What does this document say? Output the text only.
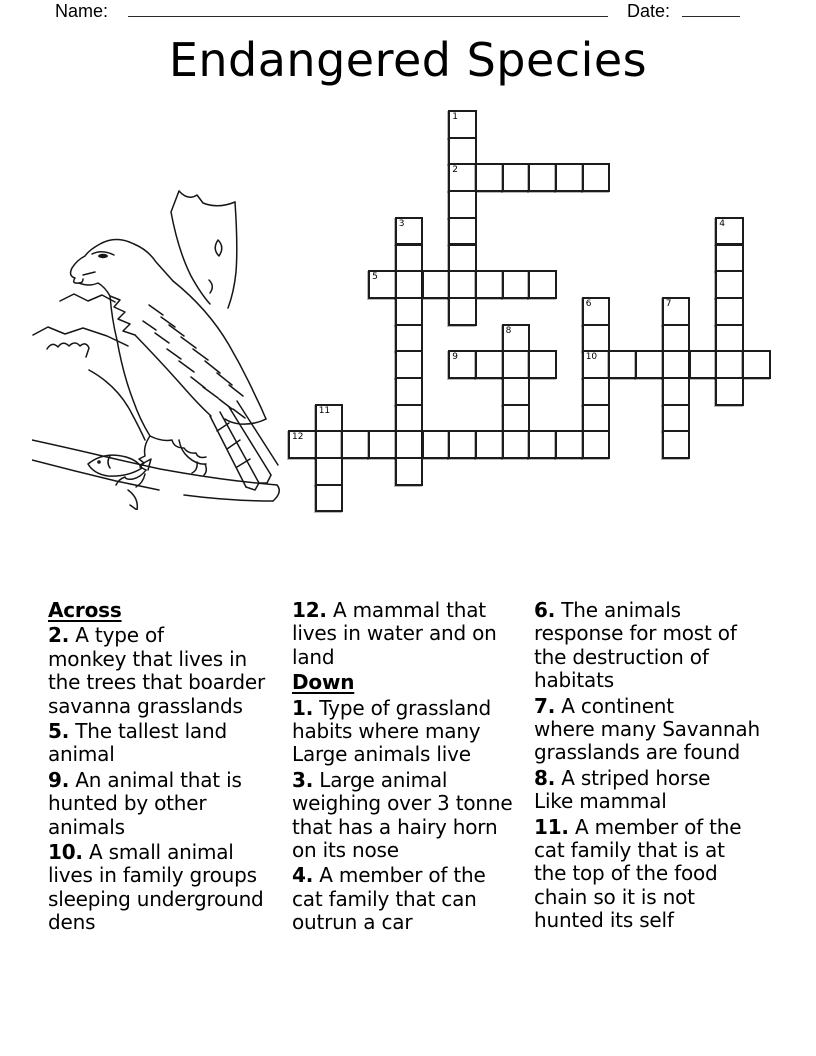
Name:	Date:
Endangered Species
1
2
3	4
5
6	7
8
9	10
11
12
Across
2. A type of
monkey that lives in
the trees that boarder
savanna grasslands
5. The tallest land
animal
9. An animal that is
hunted by other
animals
10. A small animal
lives in family groups
sleeping underground
dens
12. A mammal that
lives in water and on
land
Down
1. Type of grassland
habits where many
Large animals live
3. Large animal
weighing over 3 tonne
that has a hairy horn
on its nose
4. A member of the
cat family that can
outrun a car
6. The animals
response for most of
the destruction of
habitats
7. A continent
where many Savannah
grasslands are found
8. A striped horse
Like mammal
11. A member of the
cat family that is at
the top of the food
chain so it is not
hunted its self
